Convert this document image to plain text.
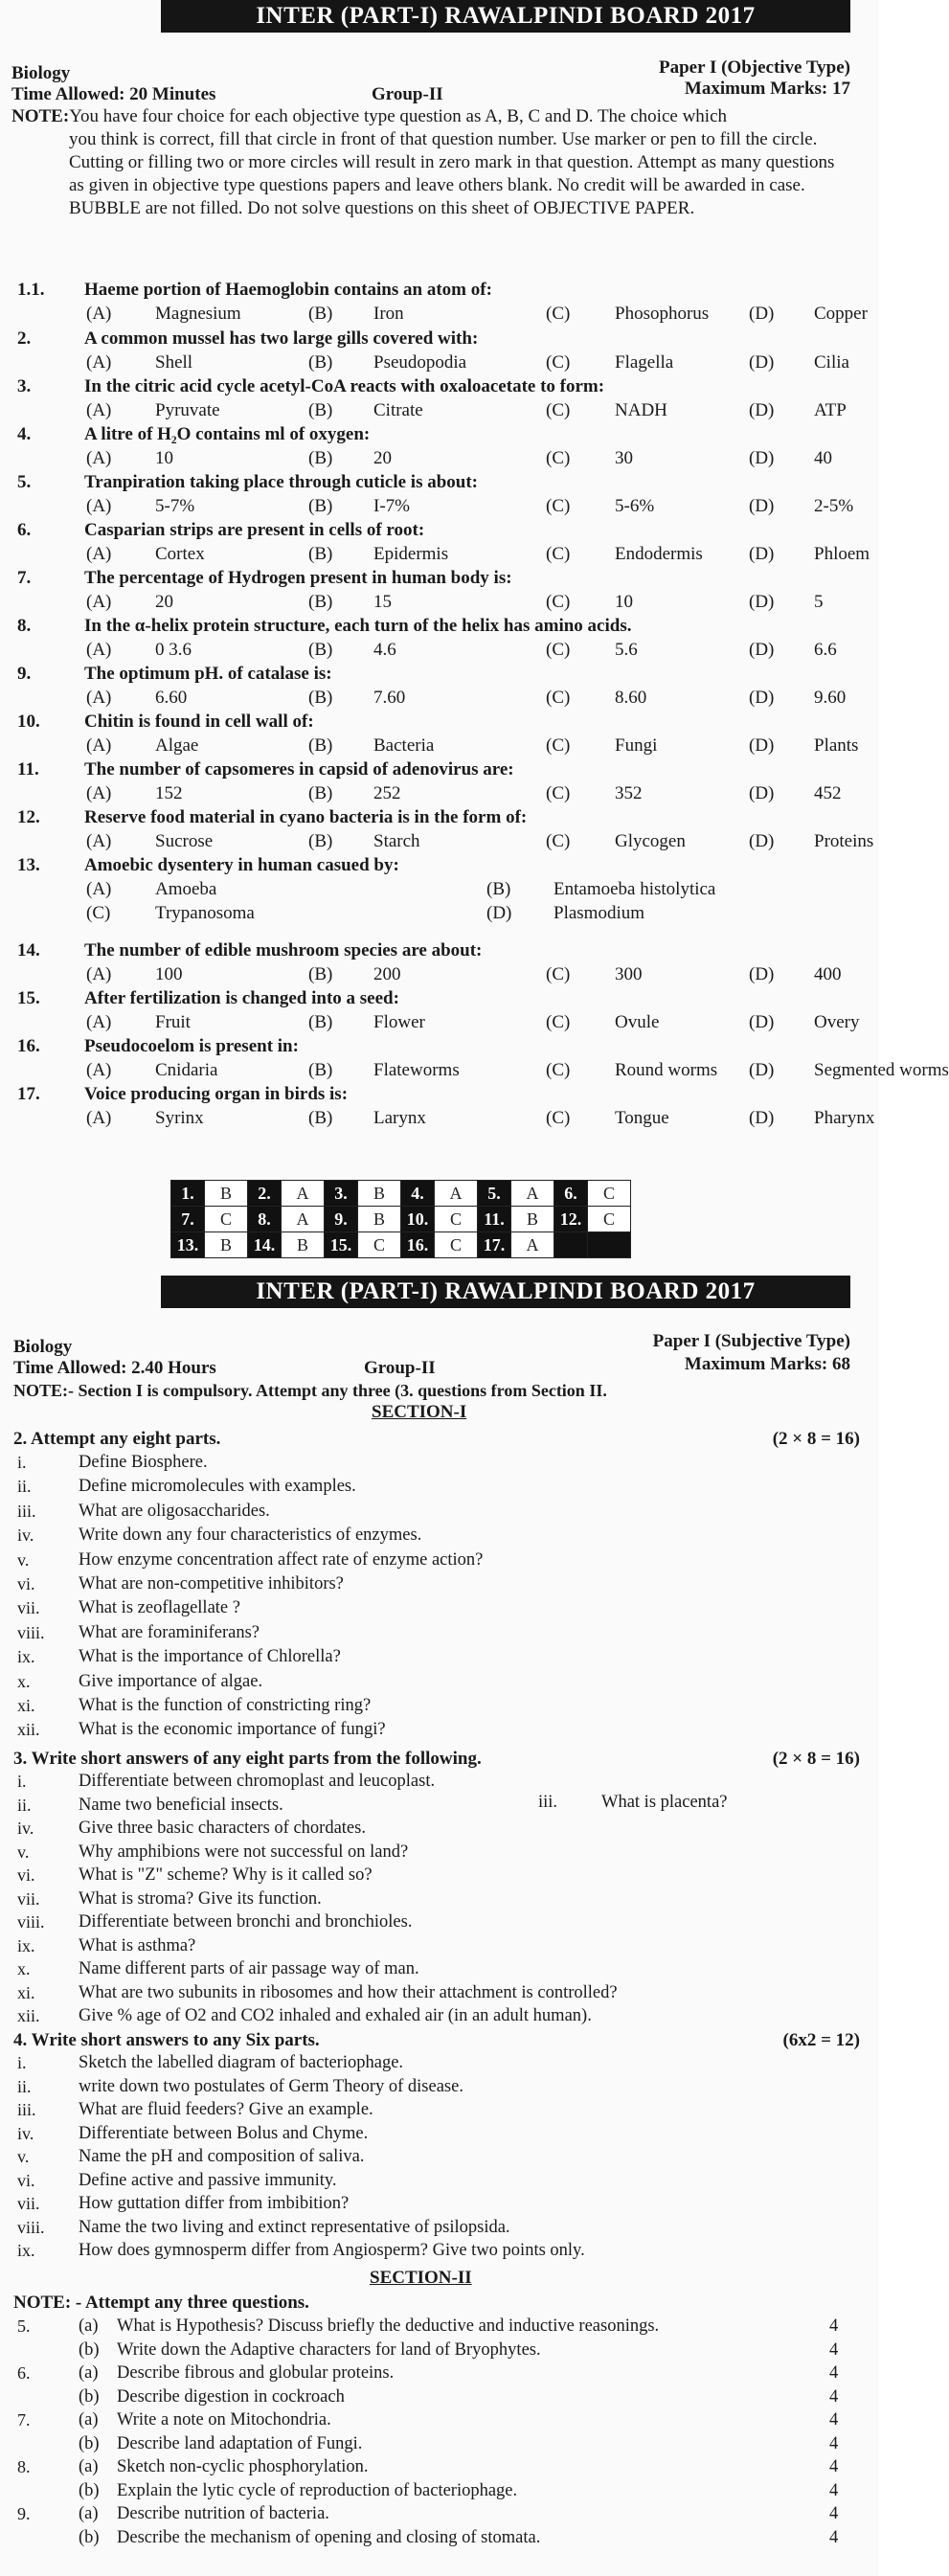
INTER (PART-I) RAWALPINDI BOARD 2017
Biology	Paper I (Objective Type)
Time Allowed: 20 Minutes	Group-II	Maximum Marks: 17
NOTE:You have four choice for each objective type question as A, B, C and D. The choice which
you think is correct, fill that circle in front of that question number. Use marker or pen to fill the circle. Cutting or filling two or more circles will result in zero mark in that question. Attempt as many questions as given in objective type questions papers and leave others blank. No credit will be awarded in case. BUBBLE are not filled. Do not solve questions on this sheet of OBJECTIVE PAPER.
1.1. Haeme portion of Haemoglobin contains an atom of:
(A) Magnesium	(B) Iron	(C) Phosophorus (D) Copper
2.	A common mussel has two large gills covered with:
(A) Shell	(B) Pseudopodia	(C) Flagella	(D) Cilia
3.	In the citric acid cycle acetyl-CoA reacts with oxaloacetate to form:
(A) Pyruvate	(B) Citrate	(C) NADH	(D) ATP
4.	A litre of H₂O contains ml of oxygen:
(A) 10	(B) 20	(C) 30	(D) 40
5.	Tranpiration taking place through cuticle is about:
(A) 5-7%	(B) I-7%	(C) 5-6%	(D) 2-5%
6.	Casparian strips are present in cells of root:
(A) Cortex	(B) Epidermis	(C) Endodermis	(D) Phloem
7.	The percentage of Hydrogen present in human body is:
(A) 20	(B) 15	(C) 10	(D) 5
8.	In the α-helix protein structure, each turn of the helix has amino acids.
(A) 0 3.6	(B) 4.6	(C) 5.6	(D) 6.6
9.	The optimum pH. of catalase is:
(A) 6.60	(B) 7.60	(C) 8.60	(D) 9.60
10. Chitin is found in cell wall of:
(A) Algae	(B) Bacteria	(C) Fungi	(D) Plants
11. The number of capsomeres in capsid of adenovirus are:
(A) 152	(B) 252	(C) 352	(D) 452
12. Reserve food material in cyano bacteria is in the form of:
(A) Sucrose	(B) Starch	(C) Glycogen	(D) Proteins
13. Amoebic dysentery in human casued by:
(A) Amoeba	(B) Entamoeba histolytica
(C) Trypanosoma	(D) Plasmodium
14. The number of edible mushroom species are about:
(A) 100	(B) 200	(C) 300	(D) 400
15. After fertilization is changed into a seed:
(A) Fruit	(B) Flower	(C) Ovule	(D) Overy
16. Pseudocoelom is present in:
(A) Cnidaria	(B) Flateworms	(C) Round worms (D) Segmented worms
17. Voice producing organ in birds is:
(A) Syrinx	(B) Larynx	(C) Tongue	(D) Pharynx
1.	B	2.	A	3.	B	4.	A	5.	A	6.	C
7.	C	8.	A	9.	B	10.	C	11.	B	12.	C
13.	B	14.	B	15.	C	16.	C	17.	A		
INTER (PART-I) RAWALPINDI BOARD 2017
Biology	Paper I (Subjective Type)
Time Allowed: 2.40 Hours	Group-II	Maximum Marks: 68
NOTE:- Section I is compulsory. Attempt any three (3. questions from Section II.
SECTION-I
2. Attempt any eight parts.	(2 × 8 = 16)
i.	Define Biosphere.
ii.	Define micromolecules with examples.
iii. What are oligosaccharides.
iv.	Write down any four characteristics of enzymes.
v.	How enzyme concentration affect rate of enzyme action?
vi. What are non-competitive inhibitors?
vii. What is zeoflagellate ?
viii. What are foraminiferans?
ix. What is the importance of Chlorella?
x.	Give importance of algae.
xi. What is the function of constricting ring?
xii. What is the economic importance of fungi?
3. Write short answers of any eight parts from the following.	(2 × 8 = 16)
i.	Differentiate between chromoplast and leucoplast.
ii.	Name two beneficial insects.
iv.	Give three basic characters of chordates.
v.	Why amphibions were not successful on land?
vi. What is "Z" scheme? Why is it called so?
vii. What is stroma? Give its function.
viii. Differentiate between bronchi and bronchioles.
ix. What is asthma?
x.	Name different parts of air passage way of man.
xi. What are two subunits in ribosomes and how their attachment is controlled?
xii. Give % age of O2 and CO2 inhaled and exhaled air (in an adult human).
iii. What is placenta?
4. Write short answers to any Six parts.	(6x2 = 12)
i.	Sketch the labelled diagram of bacteriophage.
ii.	write down two postulates of Germ Theory of disease.
iii. What are fluid feeders? Give an example.
iv.	Differentiate between Bolus and Chyme.
v.	Name the pH and composition of saliva.
vi. Define active and passive immunity.
vii. How guttation differ from imbibition?
viii. Name the two living and extinct representative of psilopsida.
ix. How does gymnosperm differ from Angiosperm? Give two points only.
SECTION-II
NOTE: - Attempt any three questions.
5.	(a) What is Hypothesis? Discuss briefly the deductive and inductive reasonings.	4
(b) Write down the Adaptive characters for land of Bryophytes.	4
6.	(a) Describe fibrous and globular proteins.	4
(b) Describe digestion in cockroach	4
7.	(a) Write a note on Mitochondria.	4
(b) Describe land adaptation of Fungi.	4
8.	(a) Sketch non-cyclic phosphorylation.	4
(b) Explain the lytic cycle of reproduction of bacteriophage.	4
9.	(a) Describe nutrition of bacteria.	4
(b) Describe the mechanism of opening and closing of stomata.	4
